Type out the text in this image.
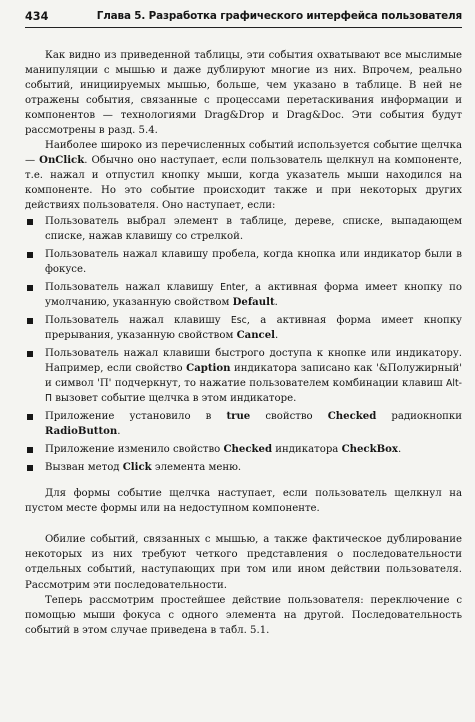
434	Глава 5. Разработка графического интерфейса пользователя

Как видно из приведенной таблицы, эти события охватывают все мыслимые манипуляции с мышью и даже дублируют многие из них. Впрочем, реально событий, инициируемых мышью, больше, чем указано в таблице. В ней не отражены события, связанные с процессами перетаскивания информации и компонентов — технологиями Drag&Drop и Drag&Doc. Эти события будут рассмотрены в разд. 5.4.

Наиболее широко из перечисленных событий используется событие щелчка — OnClick. Обычно оно наступает, если пользователь щелкнул на компоненте, т.е. нажал и отпустил кнопку мыши, когда указатель мыши находился на компоненте. Но это событие происходит также и при некоторых других действиях пользователя. Оно наступает, если:

Пользователь выбрал элемент в таблице, дереве, списке, выпадающем списке, нажав клавишу со стрелкой.
Пользователь нажал клавишу пробела, когда кнопка или индикатор были в фокусе.
Пользователь нажал клавишу Enter, а активная форма имеет кнопку по умолчанию, указанную свойством Default.
Пользователь нажал клавишу Esc, а активная форма имеет кнопку прерывания, указанную свойством Cancel.
Пользователь нажал клавиши быстрого доступа к кнопке или индикатору. Например, если свойство Caption индикатора записано как '&Полужирный' и символ 'П' подчеркнут, то нажатие пользователем комбинации клавиш Alt-П вызовет событие щелчка в этом индикаторе.
Приложение установило в true свойство Checked радиокнопки RadioButton.
Приложение изменило свойство Checked индикатора CheckBox.
Вызван метод Click элемента меню.

Для формы событие щелчка наступает, если пользователь щелкнул на пустом месте формы или на недоступном компоненте.

Обилие событий, связанных с мышью, а также фактическое дублирование некоторых из них требуют четкого представления о последовательности отдельных событий, наступающих при том или ином действии пользователя. Рассмотрим эти последовательности.

Теперь рассмотрим простейшее действие пользователя: переключение с помощью мыши фокуса с одного элемента на другой. Последовательность событий в этом случае приведена в табл. 5.1.
